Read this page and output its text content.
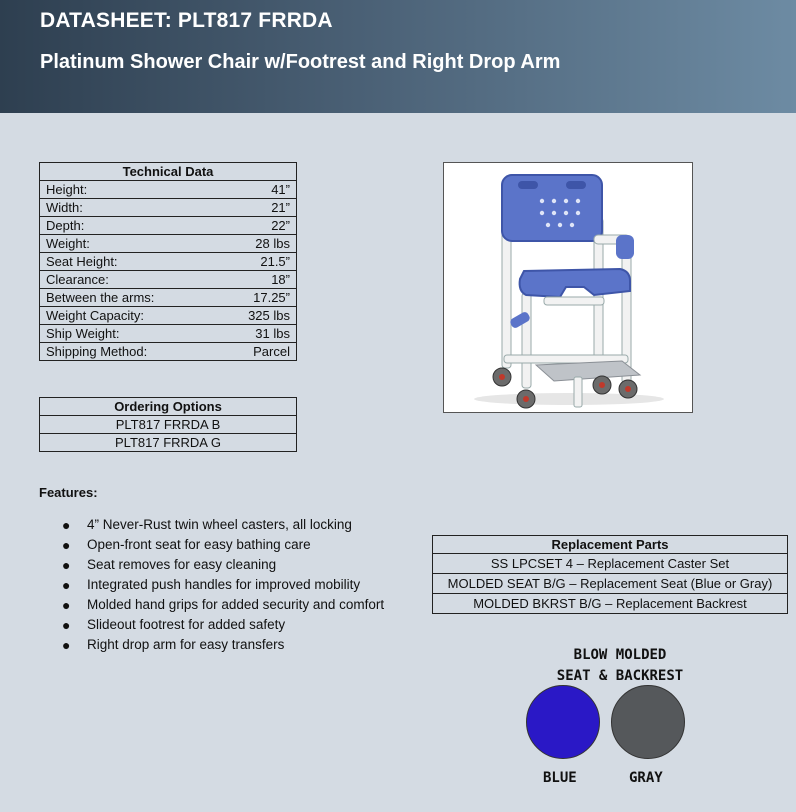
DATASHEET: PLT817 FRRDA
Platinum Shower Chair w/Footrest and Right Drop Arm
Technical Data	
Height:	41”
Width:	21”
Depth:	22”
Weight:	28 lbs
Seat Height:	21.5”
Clearance:	18”
Between the arms:	17.25”
Weight Capacity:	325 lbs
Ship Weight:	31 lbs
Shipping Method:	Parcel
Ordering Options
PLT817 FRRDA B
PLT817 FRRDA G
Features:
● 4” Never-Rust twin wheel casters, all locking
● Open-front seat for easy bathing care
● Seat removes for easy cleaning
● Integrated push handles for improved mobility
● Molded hand grips for added security and comfort
● Slideout footrest for added safety
● Right drop arm for easy transfers
Replacement Parts
SS LPCSET 4 – Replacement Caster Set
MOLDED SEAT B/G – Replacement Seat (Blue or Gray)
MOLDED BKRST B/G – Replacement Backrest
BLOW MOLDED
SEAT & BACKREST
BLUE	GRAY
